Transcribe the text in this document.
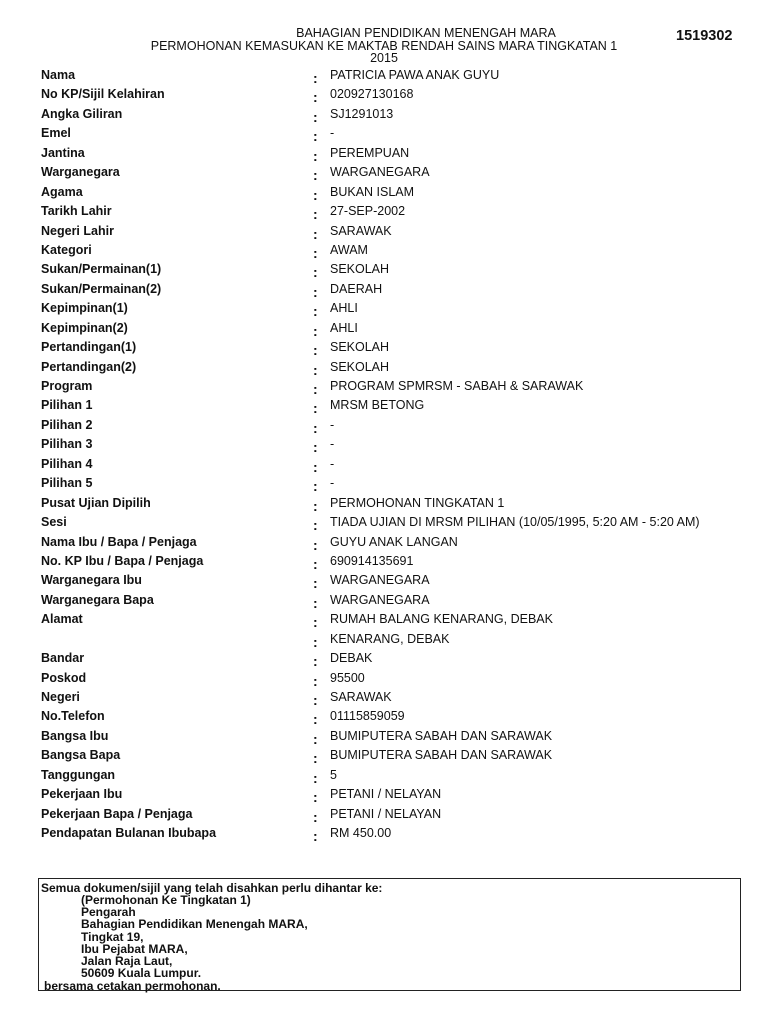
BAHAGIAN PENDIDIKAN MENENGAH MARA
PERMOHONAN KEMASUKAN KE MAKTAB RENDAH SAINS MARA TINGKATAN 1
2015
1519302
Nama	: PATRICIA PAWA ANAK GUYU
No KP/Sijil Kelahiran	: 020927130168
Angka Giliran	: SJ1291013
Emel	: -
Jantina	: PEREMPUAN
Warganegara	: WARGANEGARA
Agama	: BUKAN ISLAM
Tarikh Lahir	: 27-SEP-2002
Negeri Lahir	: SARAWAK
Kategori	: AWAM
Sukan/Permainan(1)	: SEKOLAH
Sukan/Permainan(2)	: DAERAH
Kepimpinan(1)	: AHLI
Kepimpinan(2)	: AHLI
Pertandingan(1)	: SEKOLAH
Pertandingan(2)	: SEKOLAH
Program	: PROGRAM SPMRSM - SABAH & SARAWAK
Pilihan 1	: MRSM BETONG
Pilihan 2	: -
Pilihan 3	: -
Pilihan 4	: -
Pilihan 5	: -
Pusat Ujian Dipilih	: PERMOHONAN TINGKATAN 1
Sesi	: TIADA UJIAN DI MRSM PILIHAN (10/05/1995, 5:20 AM - 5:20 AM)
Nama Ibu / Bapa / Penjaga	: GUYU ANAK LANGAN
No. KP Ibu / Bapa / Penjaga	: 690914135691
Warganegara Ibu	: WARGANEGARA
Warganegara Bapa	: WARGANEGARA
Alamat	: RUMAH BALANG KENARANG, DEBAK
: KENARANG, DEBAK
Bandar	: DEBAK
Poskod	: 95500
Negeri	: SARAWAK
No.Telefon	: 01115859059
Bangsa Ibu	: BUMIPUTERA SABAH DAN SARAWAK
Bangsa Bapa	: BUMIPUTERA SABAH DAN SARAWAK
Tanggungan	: 5
Pekerjaan Ibu	: PETANI / NELAYAN
Pekerjaan Bapa / Penjaga	: PETANI / NELAYAN
Pendapatan Bulanan Ibubapa	: RM 450.00
Semua dokumen/sijil yang telah disahkan perlu dihantar ke:
(Permohonan Ke Tingkatan 1)
Pengarah
Bahagian Pendidikan Menengah MARA,
Tingkat 19,
Ibu Pejabat MARA,
Jalan Raja Laut,
50609 Kuala Lumpur.
bersama cetakan permohonan.
